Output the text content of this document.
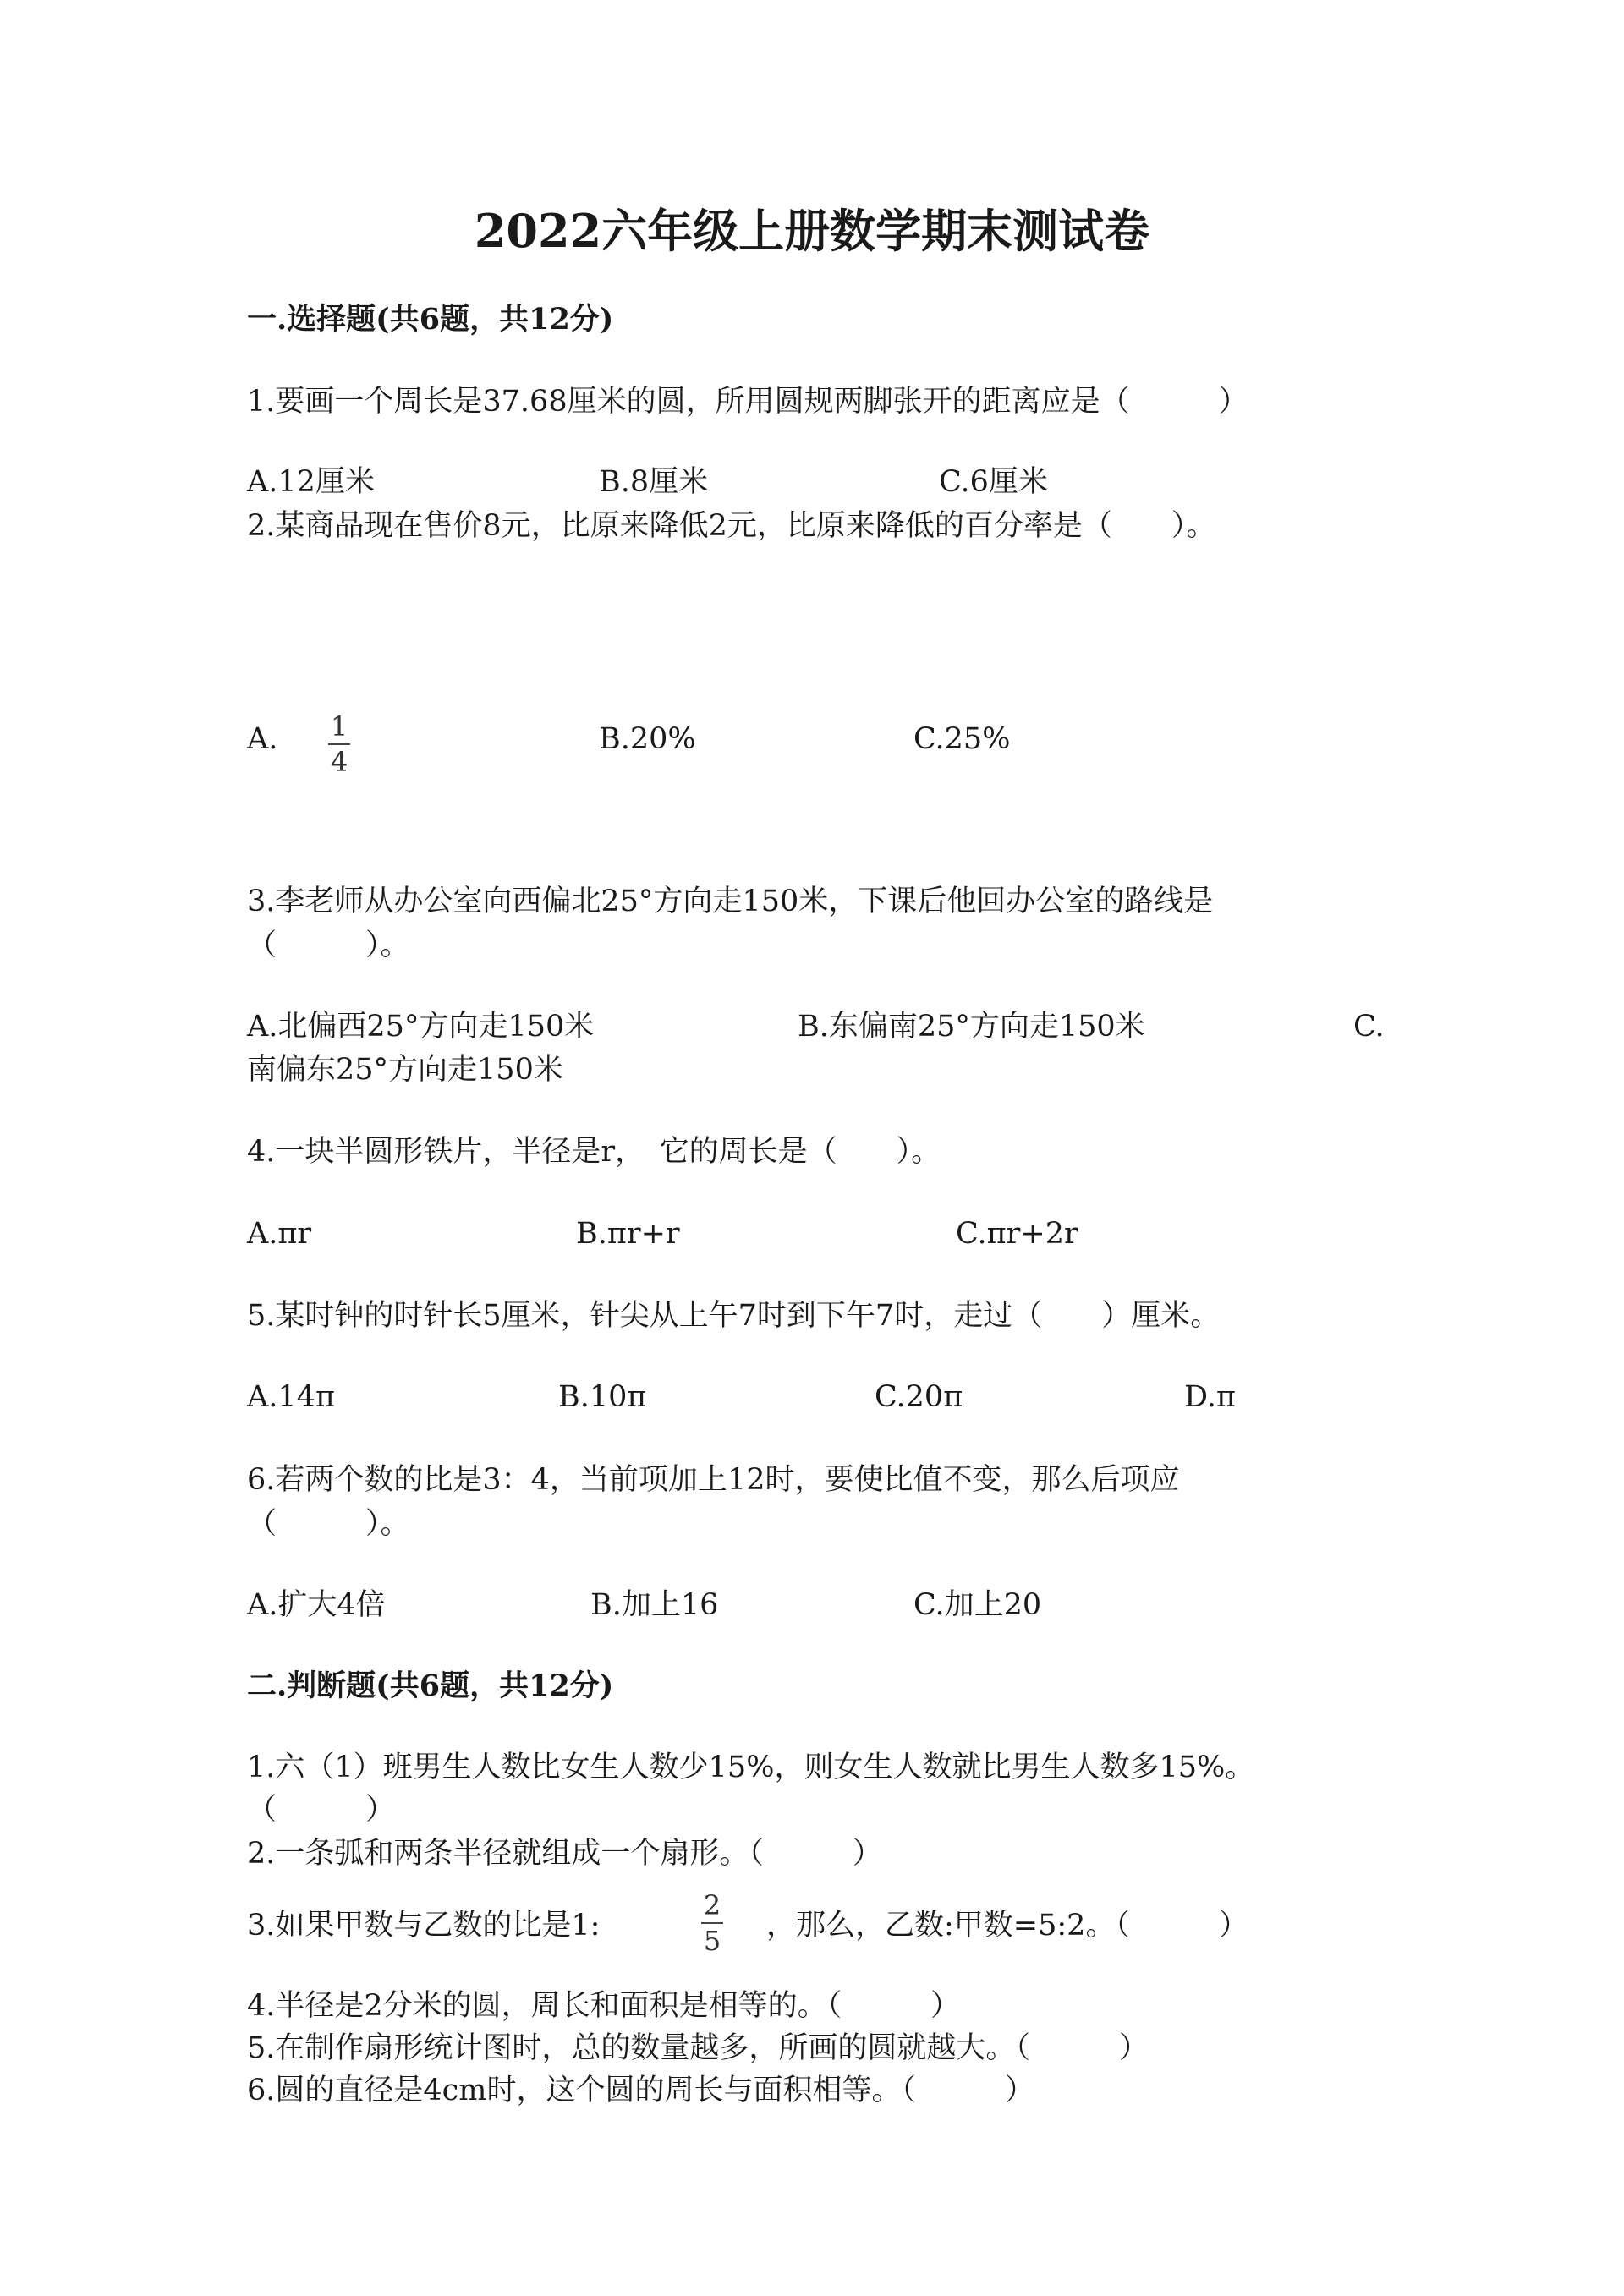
2022六年级上册数学期末测试卷

一.选择题(共6题，共12分)

1.要画一个周长是37.68厘米的圆，所用圆规两脚张开的距离应是（　　　）

A.12厘米	B.8厘米	C.6厘米

2.某商品现在售价8元，比原来降低2元，比原来降低的百分率是（　　）。

A. 1
4

B.20%	C.25%

3.李老师从办公室向西偏北25°方向走150米，下课后他回办公室的路线是

（　　　）。

A.北偏西25°方向走150米	B.东偏南25°方向走150米	C.

南偏东25°方向走150米

4.一块半圆形铁片，半径是r，　它的周长是（　　）。

A.πr	B.πr+r	C.πr+2r

5.某时钟的时针长5厘米，针尖从上午7时到下午7时，走过（　　）厘米。

A.14π	B.10π	C.20π	D.π

6.若两个数的比是3：4，当前项加上12时，要使比值不变，那么后项应

（　　　）。

A.扩大4倍	B.加上16	C.加上20

二.判断题(共6题，共12分)

1.六（1）班男生人数比女生人数少15%，则女生人数就比男生人数多15%。

（　　　）

2.一条弧和两条半径就组成一个扇形。（　　　）

3.如果甲数与乙数的比是1:

2
5 ，那么，乙数:甲数=5:2。（　　　）

4.半径是2分米的圆，周长和面积是相等的。（　　　）

5.在制作扇形统计图时，总的数量越多，所画的圆就越大。（　　　）

6.圆的直径是4cm时，这个圆的周长与面积相等。（　　　）
